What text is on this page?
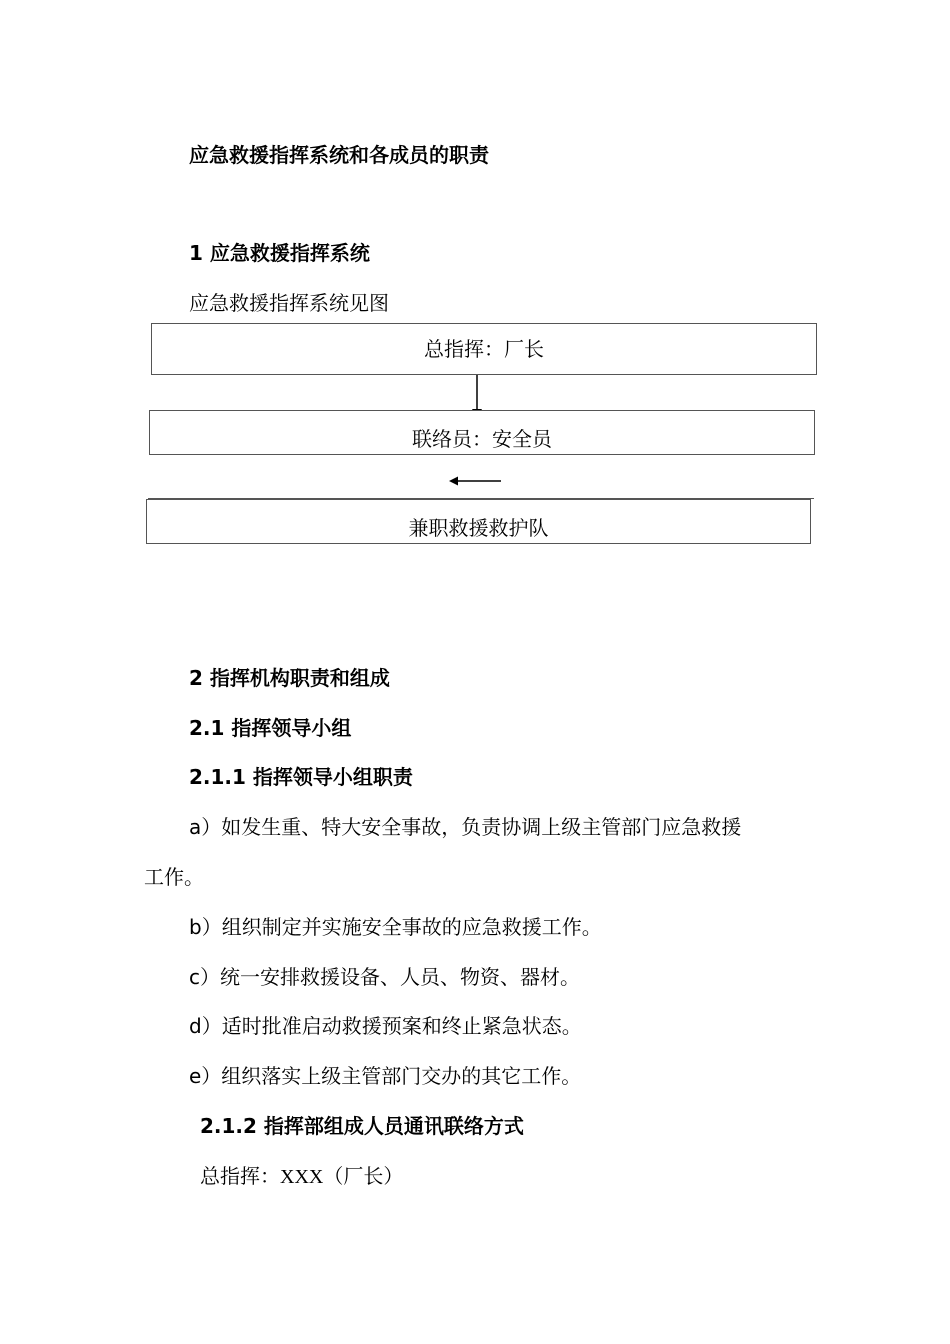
应急救援指挥系统和各成员的职责
1 应急救援指挥系统
应急救援指挥系统见图
总指挥：厂长
联络员：安全员
兼职救援救护队
2 指挥机构职责和组成
2.1 指挥领导小组
2.1.1 指挥领导小组职责
a）如发生重、特大安全事故，负责协调上级主管部门应急救援
工作。
b）组织制定并实施安全事故的应急救援工作。
c）统一安排救援设备、人员、物资、器材。
d）适时批准启动救援预案和终止紧急状态。
e）组织落实上级主管部门交办的其它工作。
2.1.2 指挥部组成人员通讯联络方式
总指挥：XXX（厂长）
